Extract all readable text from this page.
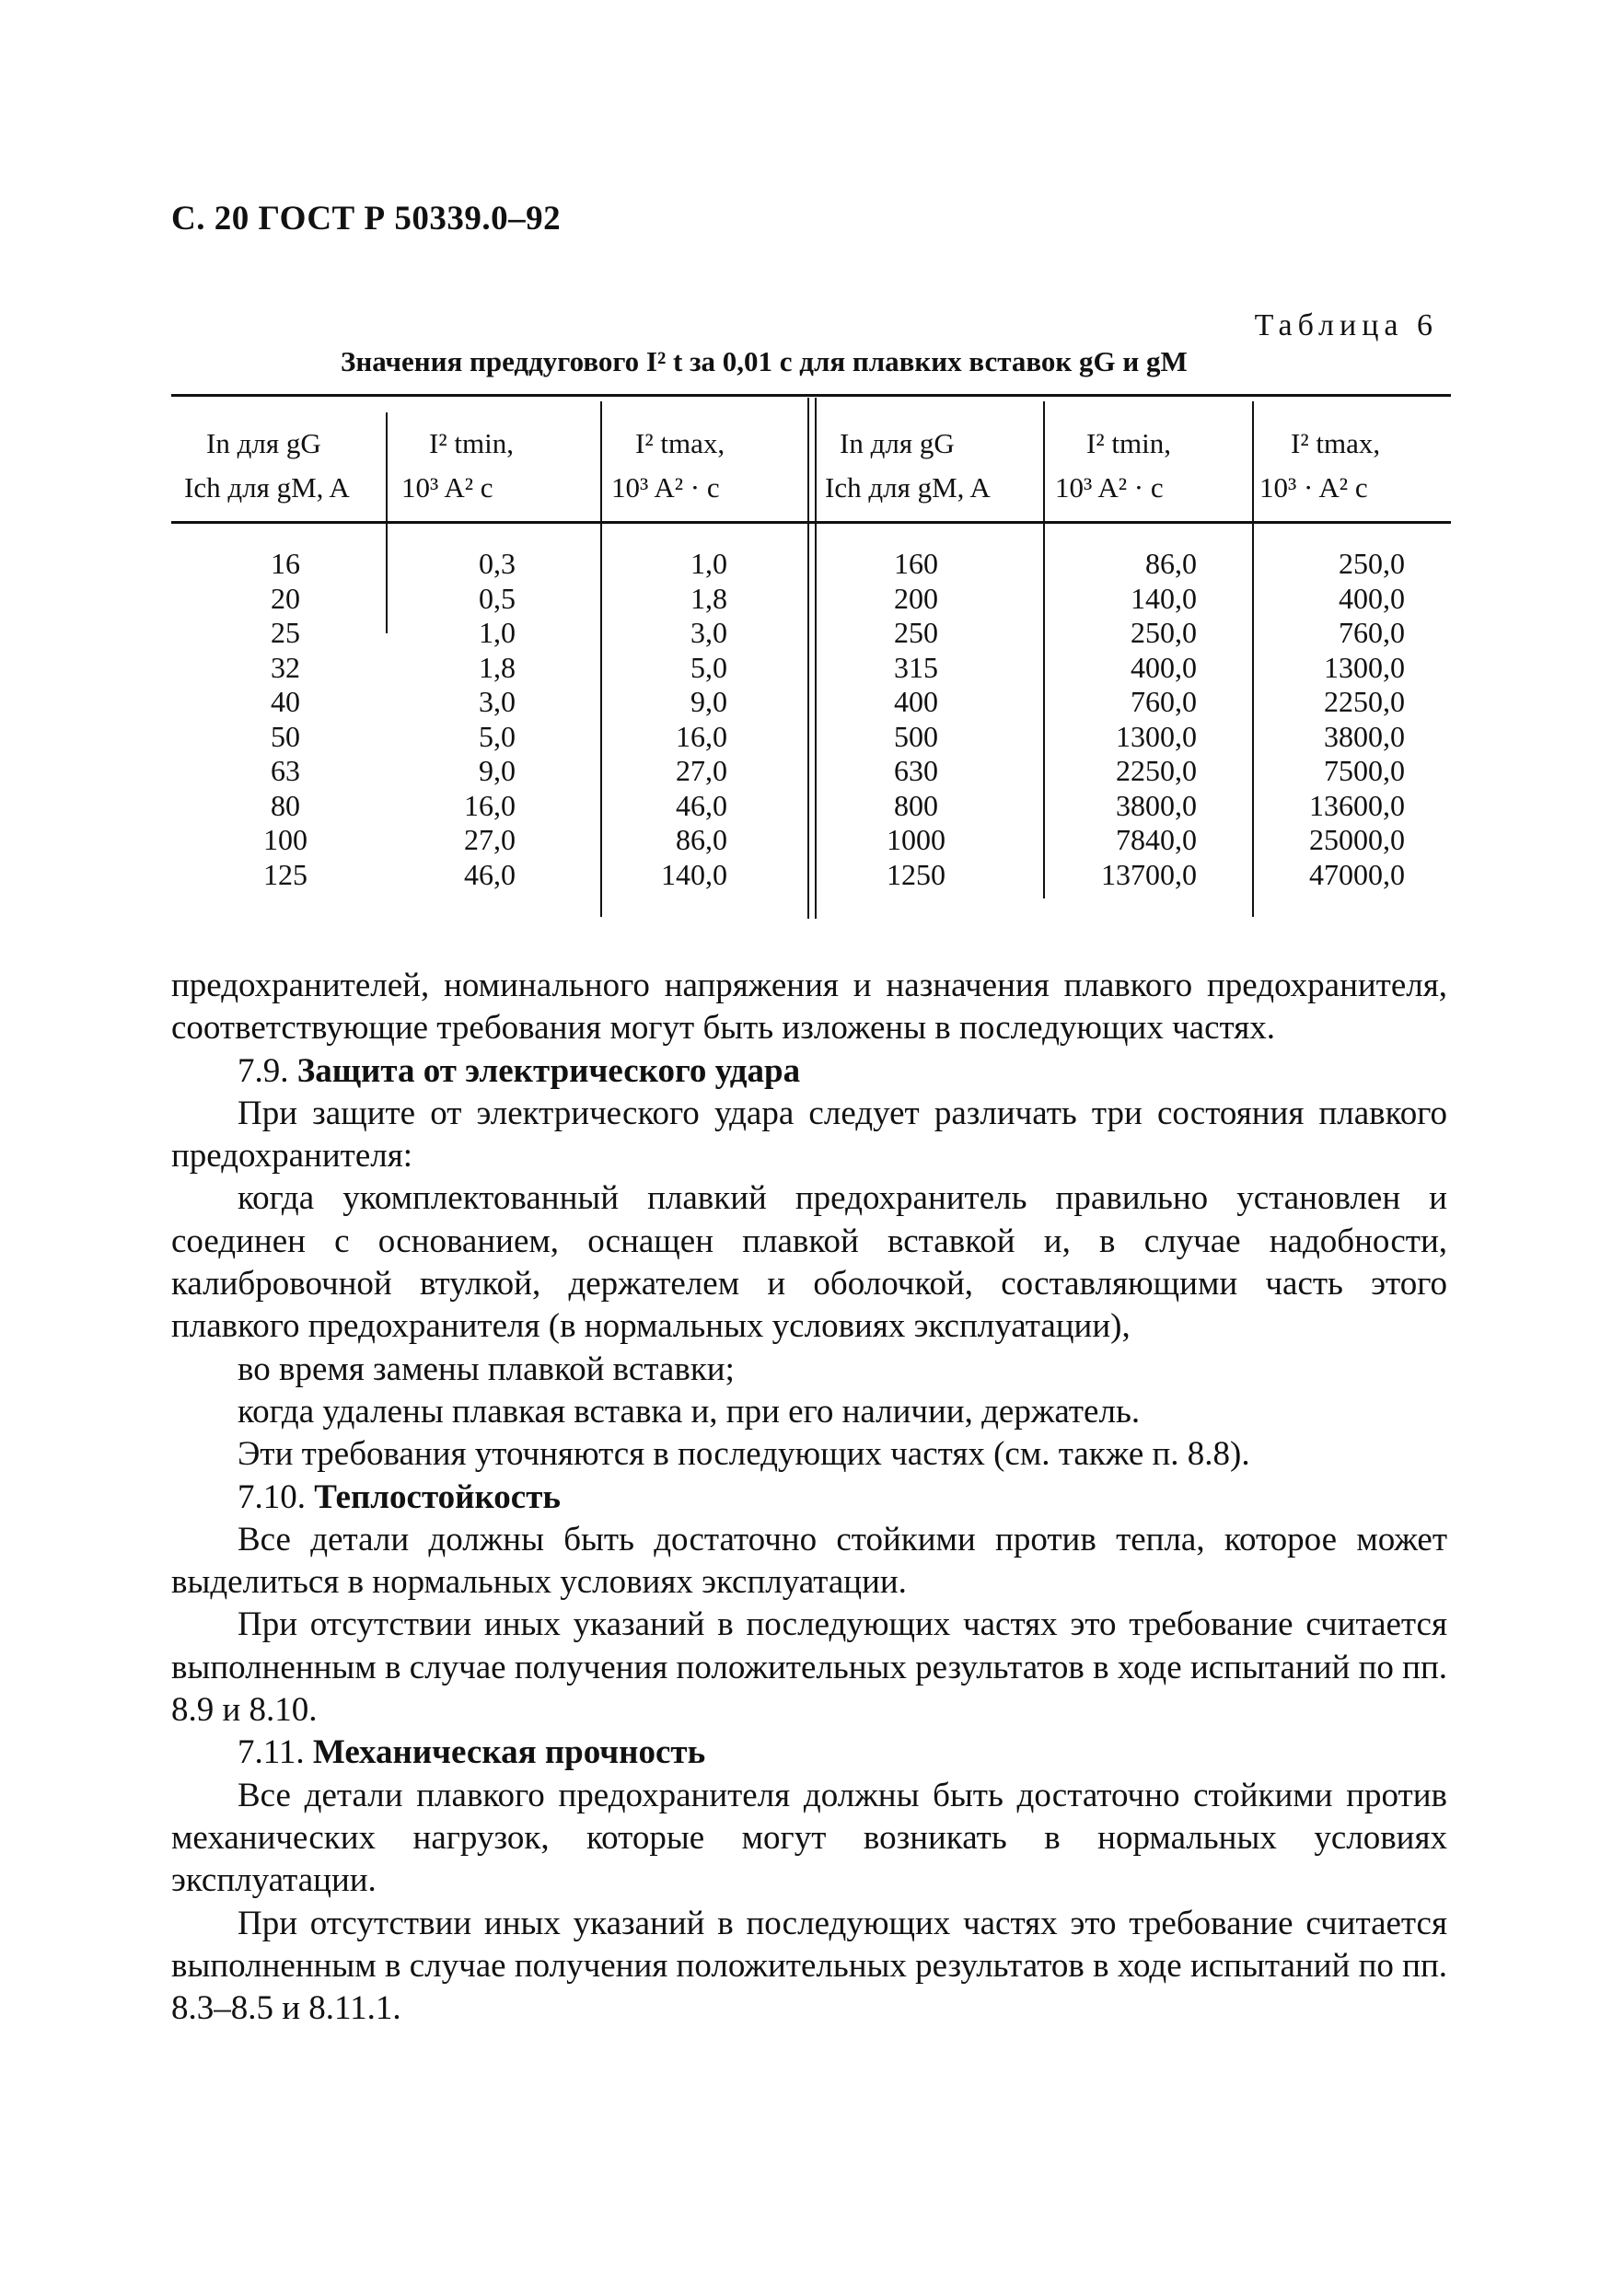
С. 20 ГОСТ Р 50339.0–92
Таблица 6
Значения преддугового I² t за 0,01 с для плавких вставок gG и gM
In для gG
Ich для gM, A
I² tmin,
10³ A² c
I² tmax,
10³ A² · c
In для gG
Ich для gM, A
I² tmin,
10³ A² · c
I² tmax,
10³ · A² c
16
20
25
32
40
50
63
80
100
125
0,3
0,5
1,0
1,8
3,0
5,0
9,0
16,0
27,0
46,0
1,0
1,8
3,0
5,0
9,0
16,0
27,0
46,0
86,0
140,0
160
200
250
315
400
500
630
800
1000
1250
86,0
140,0
250,0
400,0
760,0
1300,0
2250,0
3800,0
7840,0
13700,0
250,0
400,0
760,0
1300,0
2250,0
3800,0
7500,0
13600,0
25000,0
47000,0

предохранителей, номинального напряжения и назначения плавкого предохранителя, соответствующие требования могут быть изложены в последующих частях.

7.9. Защита от электрического удара

При защите от электрического удара следует различать три состояния плавкого предохранителя:

когда укомплектованный плавкий предохранитель правильно установлен и соединен с основанием, оснащен плавкой вставкой и, в случае надобности, калибровочной втулкой, держателем и оболочкой, составляющими часть этого плавкого предохранителя (в нормальных условиях эксплуатации),

во время замены плавкой вставки;

когда удалены плавкая вставка и, при его наличии, держатель.

Эти требования уточняются в последующих частях (см. также п. 8.8).

7.10. Теплостойкость

Все детали должны быть достаточно стойкими против тепла, которое может выделиться в нормальных условиях эксплуатации.

При отсутствии иных указаний в последующих частях это требование считается выполненным в случае получения положительных результатов в ходе испытаний по пп. 8.9 и 8.10.

7.11. Механическая прочность

Все детали плавкого предохранителя должны быть достаточно стойкими против механических нагрузок, которые могут возникать в нормальных условиях эксплуатации.

При отсутствии иных указаний в последующих частях это требование считается выполненным в случае получения положительных результатов в ходе испытаний по пп. 8.3–8.5 и 8.11.1.
